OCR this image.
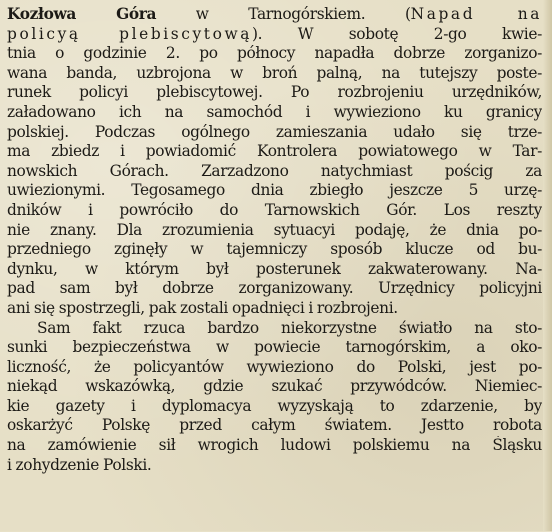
Kozłowa Góra w Tarnogórskiem. (Napad na
policyą plebiscytową). W sobotę 2-go kwie-
tnia o godzinie 2. po północy napadła dobrze zorganizo-
wana banda, uzbrojona w broń palną, na tutejszy poste-
runek policyi plebiscytowej. Po rozbrojeniu urzędników,
załadowano ich na samochód i wywieziono ku granicy
polskiej. Podczas ogólnego zamieszania udało się trze-
ma zbiedz i powiadomić Kontrolera powiatowego w Tar-
nowskich Górach. Zarzadzono natychmiast pościg za
uwiezionymi. Tegosamego dnia zbiegło jeszcze 5 urzę-
dników i powróciło do Tarnowskich Gór. Los reszty
nie znany. Dla zrozumienia sytuacyi podaję, że dnia po-
przedniego zginęły w tajemniczy sposób klucze od bu-
dynku, w którym był posterunek zakwaterowany. Na-
pad sam był dobrze zorganizowany. Urzędnicy policyjni
ani się spostrzegli, pak zostali opadnięci i rozbrojeni.
Sam fakt rzuca bardzo niekorzystne światło na sto-
sunki bezpieczeństwa w powiecie tarnogórskim, a oko-
liczność, że policyantów wywieziono do Polski, jest po-
niekąd wskazówką, gdzie szukać przywódców. Niemiec-
kie gazety i dyplomacya wyzyskają to zdarzenie, by
oskarżyć Polskę przed całym światem. Jestto robota
na zamówienie sił wrogich ludowi polskiemu na Śląsku
i zohydzenie Polski.
